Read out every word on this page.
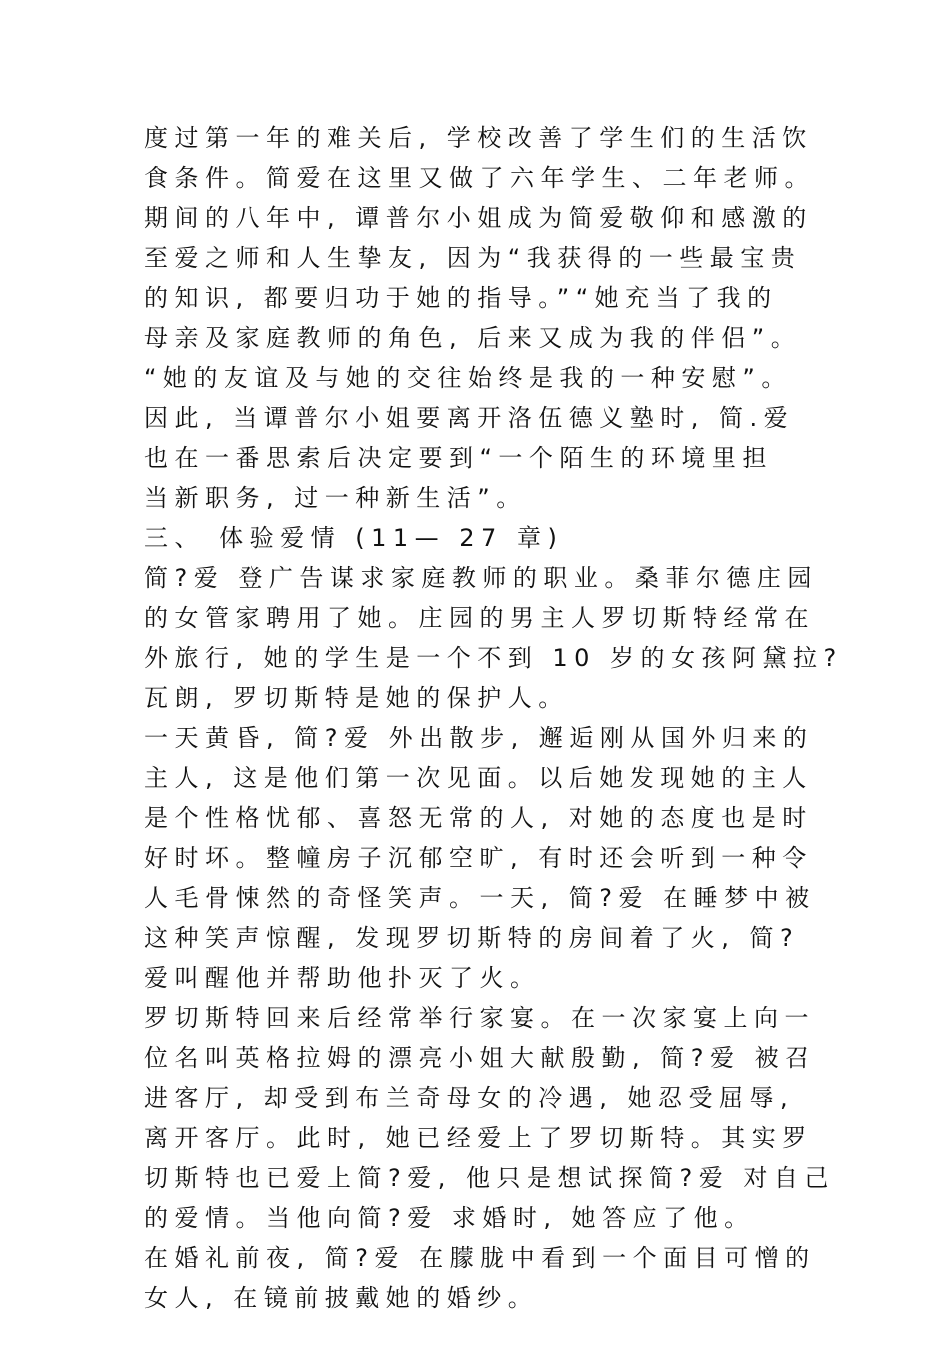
度过第一年的难关后, 学校改善了学生们的生活饮
食条件。简爱在这里又做了六年学生、二年老师。
期间的八年中, 谭普尔小姐成为简爱敬仰和感激的
至爱之师和人生挚友, 因为“我获得的一些最宝贵
的知识, 都要归功于她的指导。”“她充当了我的
母亲及家庭教师的角色, 后来又成为我的伴侣”。
“她的友谊及与她的交往始终是我的一种安慰”。
因此, 当谭普尔小姐要离开洛伍德义塾时, 简.爱
也在一番思索后决定要到“一个陌生的环境里担
当新职务, 过一种新生活”。
三、 体验爱情 (11— 27 章)
简?爱 登广告谋求家庭教师的职业。桑菲尔德庄园
的女管家聘用了她。庄园的男主人罗切斯特经常在
外旅行, 她的学生是一个不到 10 岁的女孩阿黛拉?
瓦朗, 罗切斯特是她的保护人。
一天黄昏, 简?爱 外出散步, 邂逅刚从国外归来的
主人, 这是他们第一次见面。以后她发现她的主人
是个性格忧郁、喜怒无常的人, 对她的态度也是时
好时坏。整幢房子沉郁空旷, 有时还会听到一种令
人毛骨悚然的奇怪笑声。一天, 简?爱 在睡梦中被
这种笑声惊醒, 发现罗切斯特的房间着了火, 简?
爱叫醒他并帮助他扑灭了火。
罗切斯特回来后经常举行家宴。在一次家宴上向一
位名叫英格拉姆的漂亮小姐大献殷勤, 简?爱 被召
进客厅, 却受到布兰奇母女的冷遇, 她忍受屈辱,
离开客厅。此时, 她已经爱上了罗切斯特。其实罗
切斯特也已爱上简?爱, 他只是想试探简?爱 对自己
的爱情。当他向简?爱 求婚时, 她答应了他。
在婚礼前夜, 简?爱 在朦胧中看到一个面目可憎的
女人, 在镜前披戴她的婚纱。
